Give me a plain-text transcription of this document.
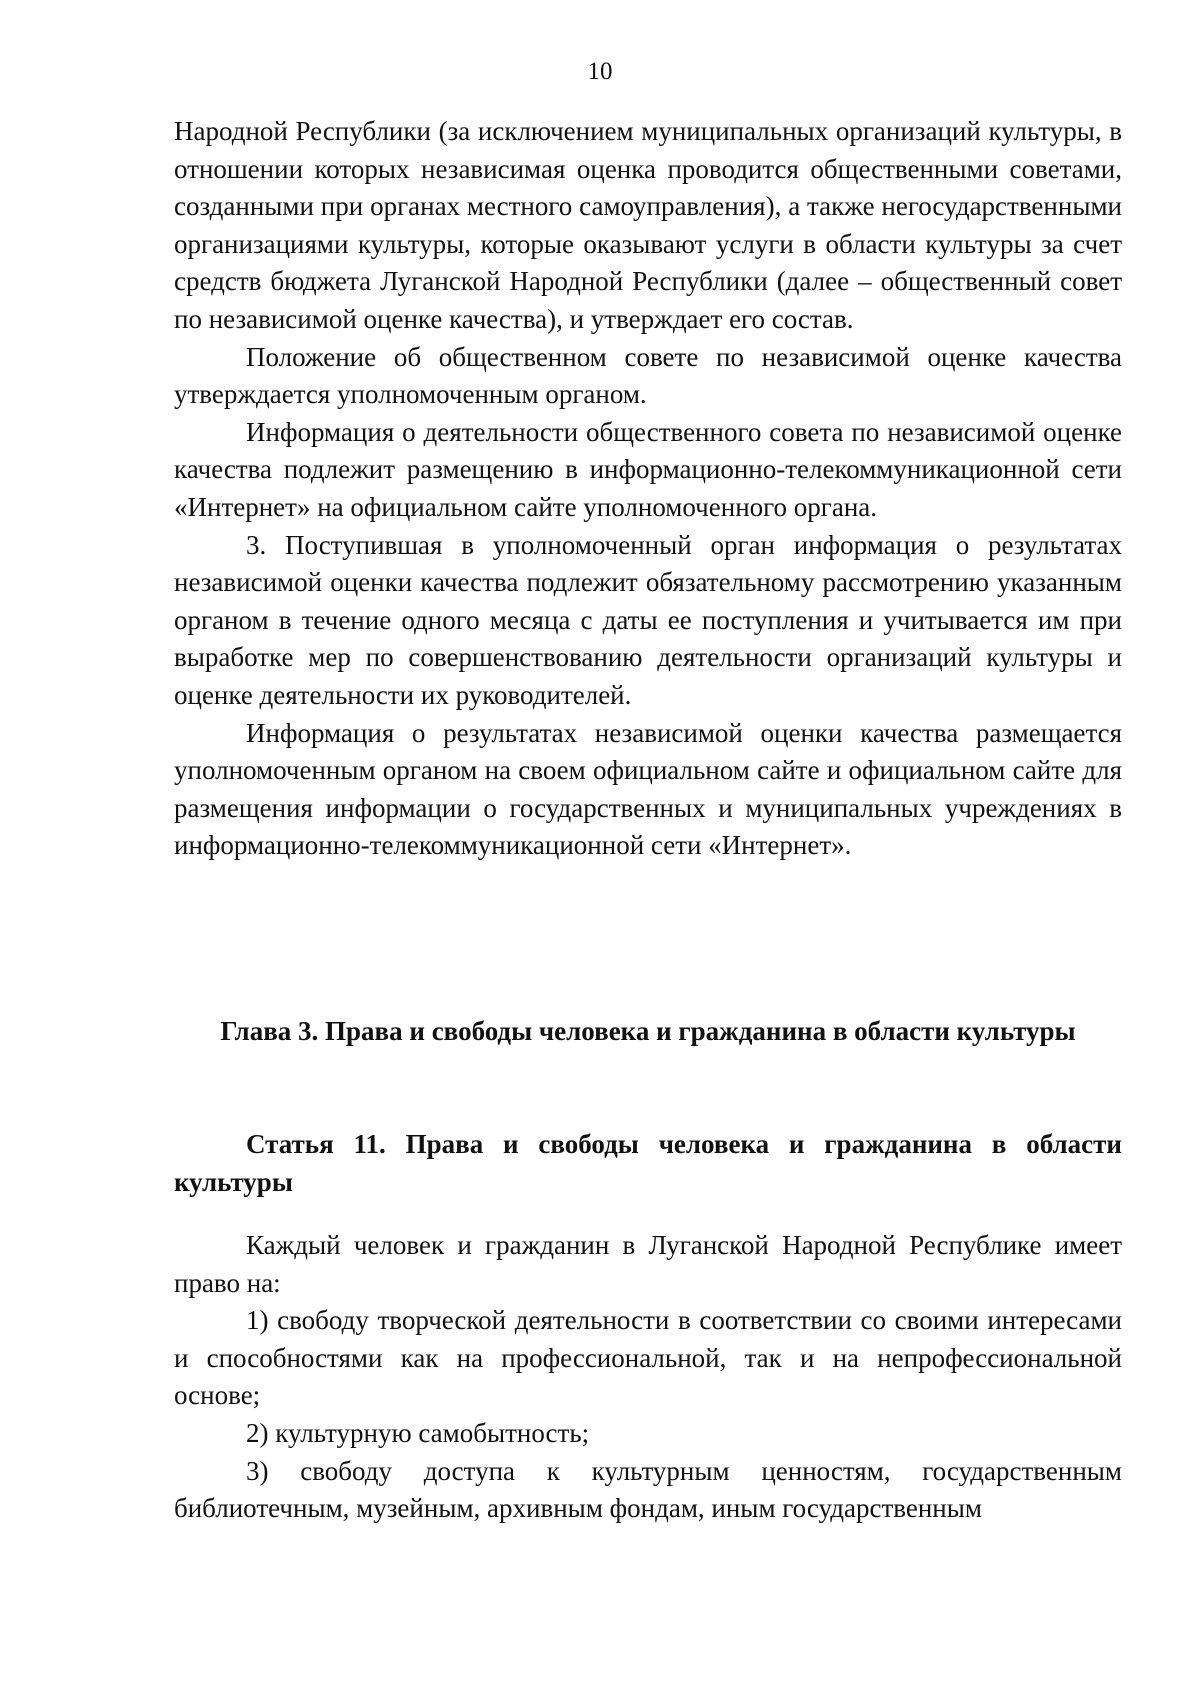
10

Народной Республики (за исключением муниципальных организаций культуры, в отношении которых независимая оценка проводится общественными советами, созданными при органах местного самоуправления), а также негосударственными организациями культуры, которые оказывают услуги в области культуры за счет средств бюджета Луганской Народной Республики (далее – общественный совет по независимой оценке качества), и утверждает его состав.

Положение об общественном совете по независимой оценке качества утверждается уполномоченным органом.

Информация о деятельности общественного совета по независимой оценке качества подлежит размещению в информационно-телекоммуникационной сети «Интернет» на официальном сайте уполномоченного органа.

3. Поступившая в уполномоченный орган информация о результатах независимой оценки качества подлежит обязательному рассмотрению указанным органом в течение одного месяца с даты ее поступления и учитывается им при выработке мер по совершенствованию деятельности организаций культуры и оценке деятельности их руководителей.

Информация о результатах независимой оценки качества размещается уполномоченным органом на своем официальном сайте и официальном сайте для размещения информации о государственных и муниципальных учреждениях в информационно-телекоммуникационной сети «Интернет».

Глава 3. Права и свободы человека и гражданина в области культуры

Статья 11. Права и свободы человека и гражданина в области культуры

Каждый человек и гражданин в Луганской Народной Республике имеет право на:

1) свободу творческой деятельности в соответствии со своими интересами и способностями как на профессиональной, так и на непрофессиональной основе;

2) культурную самобытность;

3) свободу доступа к культурным ценностям, государственным библиотечным, музейным, архивным фондам, иным государственным
